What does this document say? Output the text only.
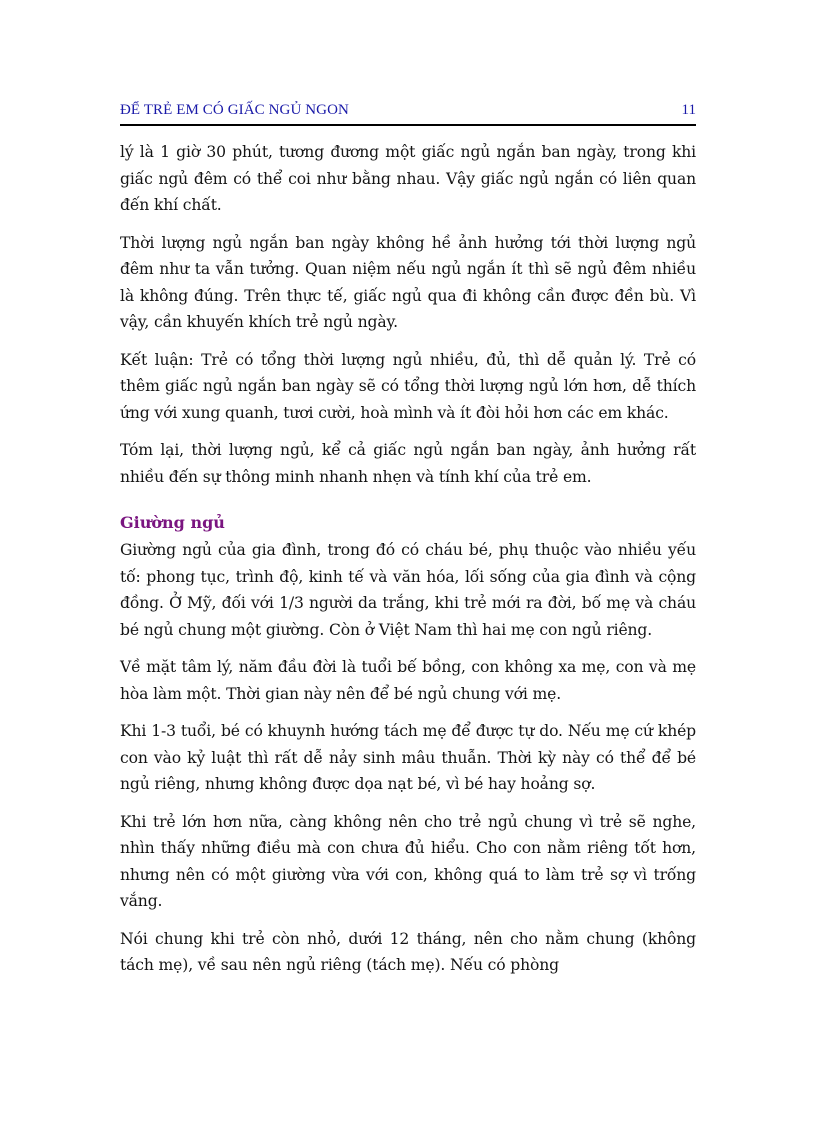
ĐỂ TRẺ EM CÓ GIẤC NGỦ NGON	11

lý là 1 giờ 30 phút, tương đương một giấc ngủ ngắn ban ngày, trong khi giấc ngủ đêm có thể coi như bằng nhau. Vậy giấc ngủ ngắn có liên quan đến khí chất.

Thời lượng ngủ ngắn ban ngày không hề ảnh hưởng tới thời lượng ngủ đêm như ta vẫn tưởng. Quan niệm nếu ngủ ngắn ít thì sẽ ngủ đêm nhiều là không đúng. Trên thực tế, giấc ngủ qua đi không cần được đền bù. Vì vậy, cần khuyến khích trẻ ngủ ngày.

Kết luận: Trẻ có tổng thời lượng ngủ nhiều, đủ, thì dễ quản lý. Trẻ có thêm giấc ngủ ngắn ban ngày sẽ có tổng thời lượng ngủ lớn hơn, dễ thích ứng với xung quanh, tươi cười, hoà mình và ít đòi hỏi hơn các em khác.

Tóm lại, thời lượng ngủ, kể cả giấc ngủ ngắn ban ngày, ảnh hưởng rất nhiều đến sự thông minh nhanh nhẹn và tính khí của trẻ em.

Giường ngủ

Giường ngủ của gia đình, trong đó có cháu bé, phụ thuộc vào nhiều yếu tố: phong tục, trình độ, kinh tế và văn hóa, lối sống của gia đình và cộng đồng. Ở Mỹ, đối với 1/3 người da trắng, khi trẻ mới ra đời, bố mẹ và cháu bé ngủ chung một giường. Còn ở Việt Nam thì hai mẹ con ngủ riêng.

Về mặt tâm lý, năm đầu đời là tuổi bế bồng, con không xa mẹ, con và mẹ hòa làm một. Thời gian này nên để bé ngủ chung với mẹ.

Khi 1-3 tuổi, bé có khuynh hướng tách mẹ để được tự do. Nếu mẹ cứ khép con vào kỷ luật thì rất dễ nảy sinh mâu thuẫn. Thời kỳ này có thể để bé ngủ riêng, nhưng không được dọa nạt bé, vì bé hay hoảng sợ.

Khi trẻ lớn hơn nữa, càng không nên cho trẻ ngủ chung vì trẻ sẽ nghe, nhìn thấy những điều mà con chưa đủ hiểu. Cho con nằm riêng tốt hơn, nhưng nên có một giường vừa với con, không quá to làm trẻ sợ vì trống vắng.

Nói chung khi trẻ còn nhỏ, dưới 12 tháng, nên cho nằm chung (không tách mẹ), về sau nên ngủ riêng (tách mẹ). Nếu có phòng
